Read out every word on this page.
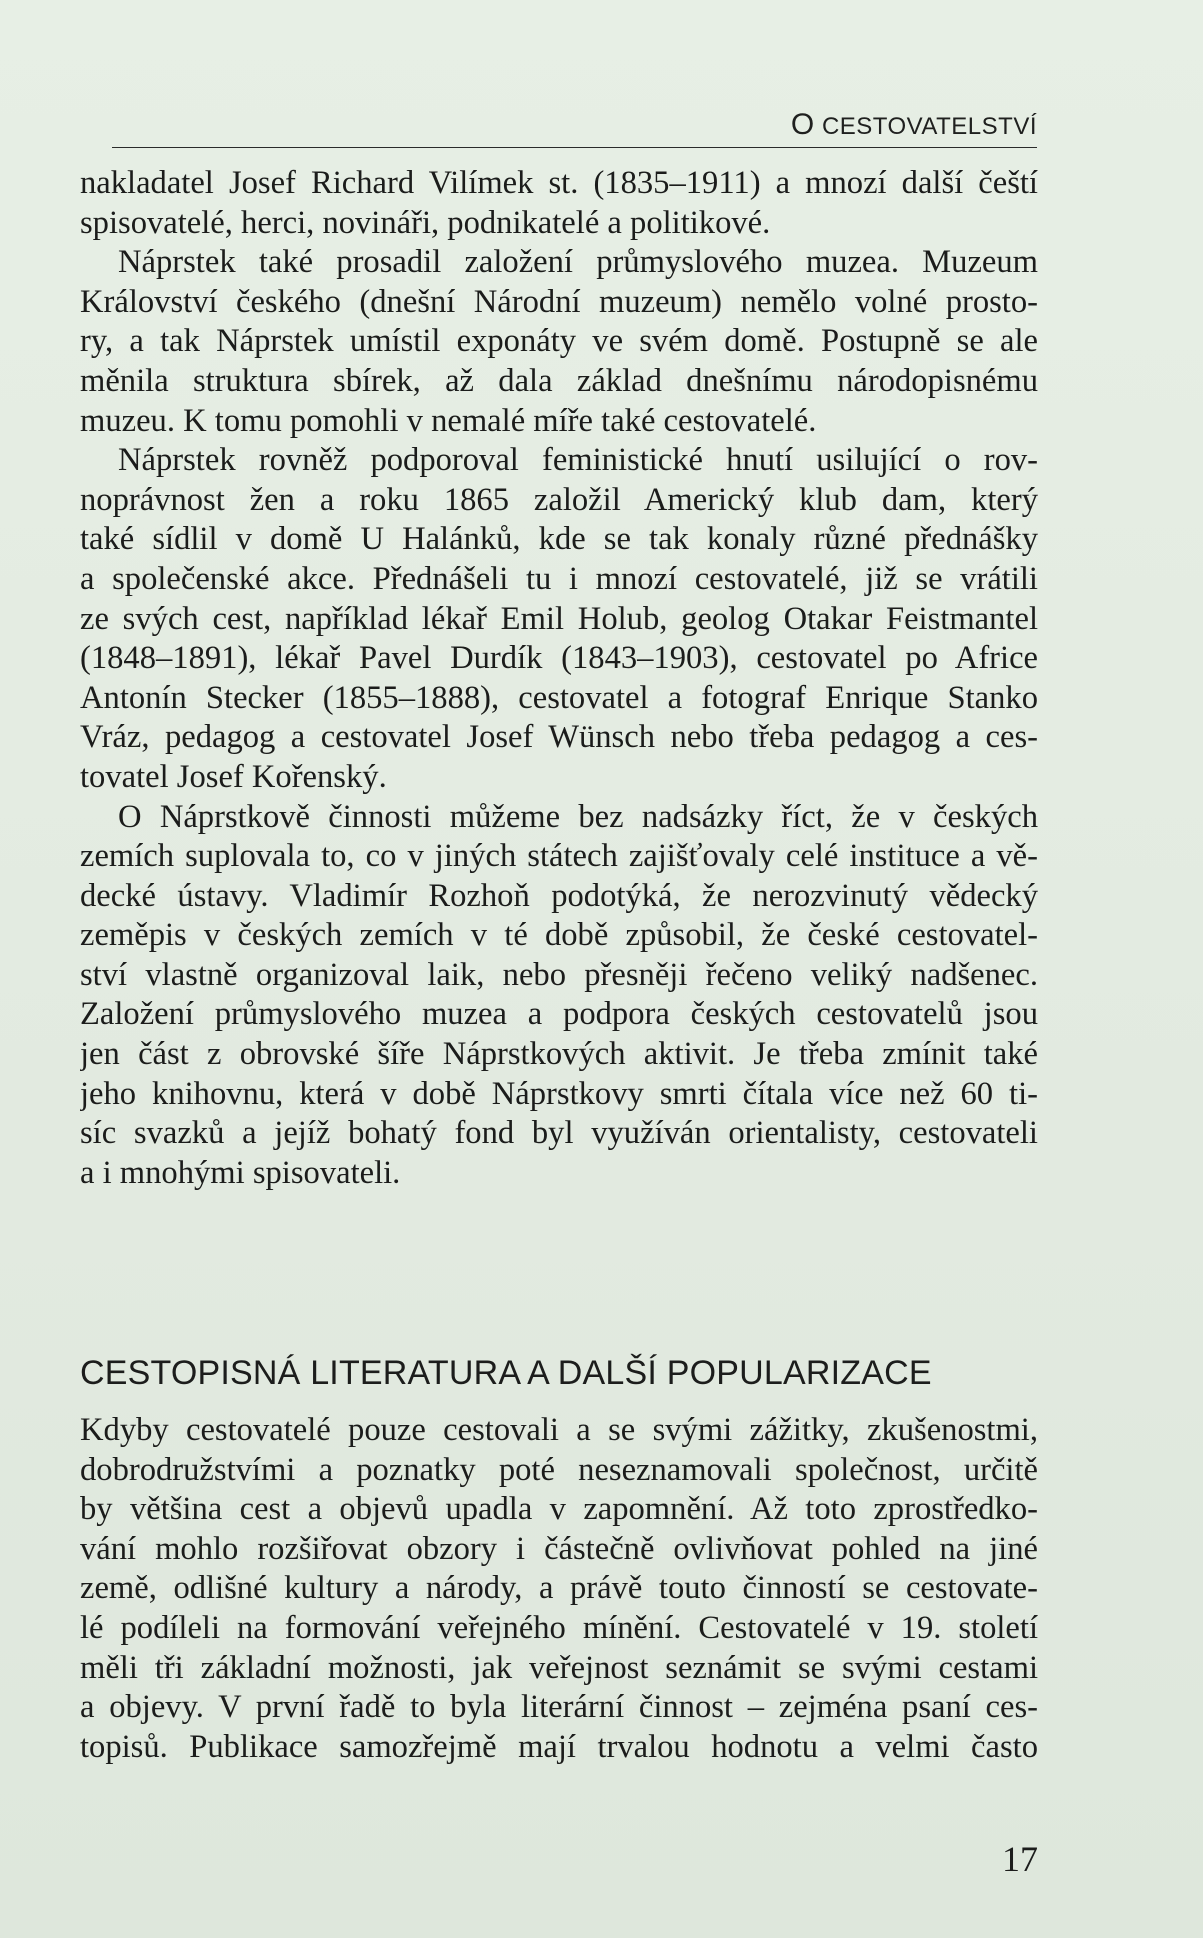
O CESTOVATELSTVÍ
nakladatel Josef Richard Vilímek st. (1835–1911) a mnozí další čeští
spisovatelé, herci, novináři, podnikatelé a politikové.
Náprstek také prosadil založení průmyslového muzea. Muzeum
Království českého (dnešní Národní muzeum) nemělo volné prosto-
ry, a tak Náprstek umístil exponáty ve svém domě. Postupně se ale
měnila struktura sbírek, až dala základ dnešnímu národopisnému
muzeu. K tomu pomohli v nemalé míře také cestovatelé.
Náprstek rovněž podporoval feministické hnutí usilující o rov-
noprávnost žen a roku 1865 založil Americký klub dam, který
také sídlil v domě U Halánků, kde se tak konaly různé přednášky
a společenské akce. Přednášeli tu i mnozí cestovatelé, již se vrátili
ze svých cest, například lékař Emil Holub, geolog Otakar Feistmantel
(1848–1891), lékař Pavel Durdík (1843–1903), cestovatel po Africe
Antonín Stecker (1855–1888), cestovatel a fotograf Enrique Stanko
Vráz, pedagog a cestovatel Josef Wünsch nebo třeba pedagog a ces-
tovatel Josef Kořenský.
O Náprstkově činnosti můžeme bez nadsázky říct, že v českých
zemích suplovala to, co v jiných státech zajišťovaly celé instituce a vě-
decké ústavy. Vladimír Rozhoň podotýká, že nerozvinutý vědecký
zeměpis v českých zemích v té době způsobil, že české cestovatel-
ství vlastně organizoval laik, nebo přesněji řečeno veliký nadšenec.
Založení průmyslového muzea a podpora českých cestovatelů jsou
jen část z obrovské šíře Náprstkových aktivit. Je třeba zmínit také
jeho knihovnu, která v době Náprstkovy smrti čítala více než 60 ti-
síc svazků a jejíž bohatý fond byl využíván orientalisty, cestovateli
a i mnohými spisovateli.
CESTOPISNÁ LITERATURA A DALŠÍ POPULARIZACE
Kdyby cestovatelé pouze cestovali a se svými zážitky, zkušenostmi,
dobrodružstvími a poznatky poté neseznamovali společnost, určitě
by většina cest a objevů upadla v zapomnění. Až toto zprostředko-
vání mohlo rozšiřovat obzory i částečně ovlivňovat pohled na jiné
země, odlišné kultury a národy, a právě touto činností se cestovate-
lé podíleli na formování veřejného mínění. Cestovatelé v 19. století
měli tři základní možnosti, jak veřejnost seznámit se svými cestami
a objevy. V první řadě to byla literární činnost – zejména psaní ces-
topisů. Publikace samozřejmě mají trvalou hodnotu a velmi často
17
